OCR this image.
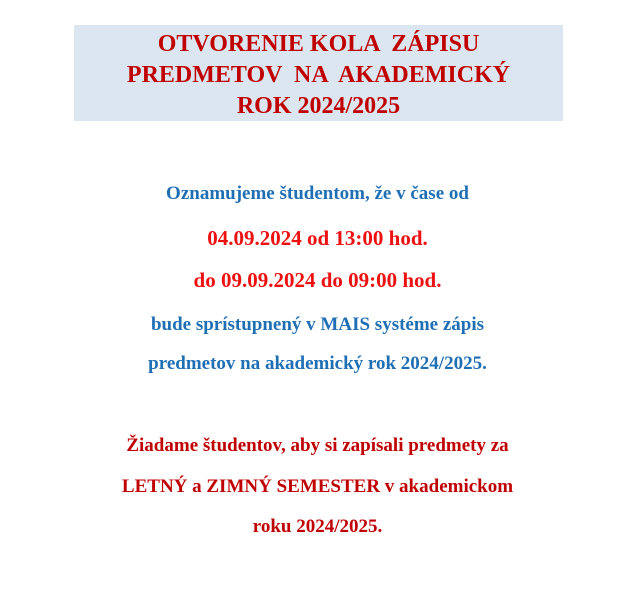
OTVORENIE KOLA  ZÁPISU
PREDMETOV  NA  AKADEMICKÝ
ROK 2024/2025
Oznamujeme študentom, že v čase od
04.09.2024 od 13:00 hod.
do 09.09.2024 do 09:00 hod.
bude sprístupnený v MAIS systéme zápis
predmetov na akademický rok 2024/2025.
Žiadame študentov, aby si zapísali predmety za
LETNÝ a ZIMNÝ SEMESTER v akademickom
roku 2024/2025.
